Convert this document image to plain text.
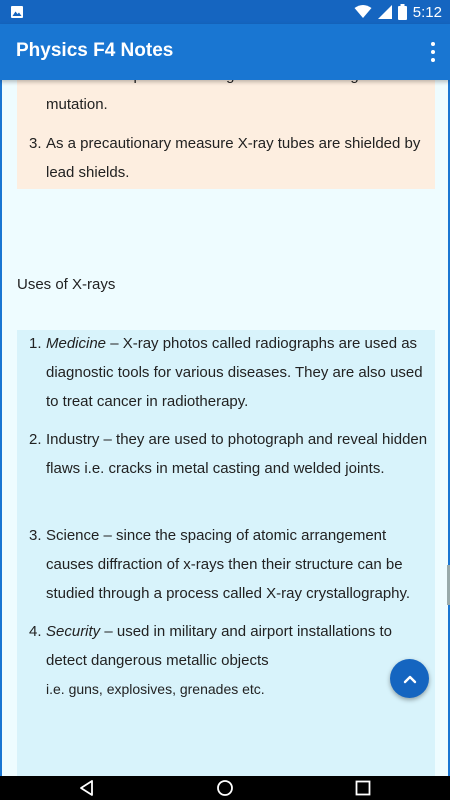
5:12
Physics F4 Notes
mutation.
3. As a precautionary measure X-ray tubes are shielded by lead shields.
Uses of X-rays
1. Medicine – X-ray photos called radiographs are used as diagnostic tools for various diseases. They are also used to treat cancer in radiotherapy.
2. Industry – they are used to photograph and reveal hidden flaws i.e. cracks in metal casting and welded joints.
3. Science – since the spacing of atomic arrangement causes diffraction of x-rays then their structure can be studied through a process called X-ray crystallography.
4. Security – used in military and airport installations to detect dangerous metallic objects
i.e. guns, explosives, grenades etc.
